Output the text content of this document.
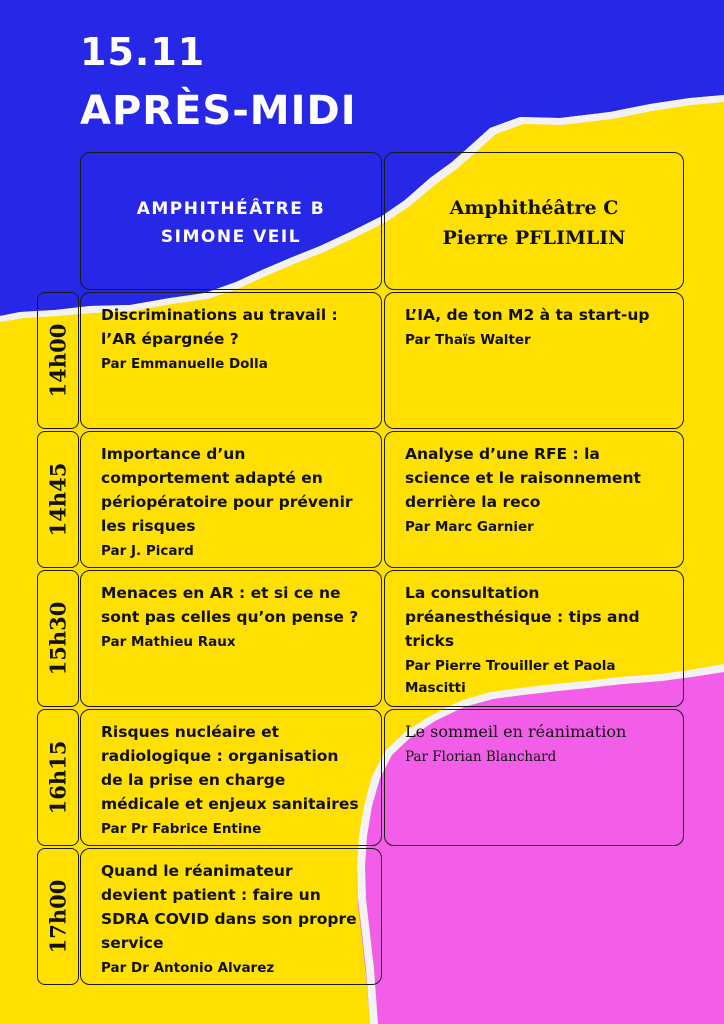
15.11
APRÈS-MIDI
AMPHITHÉÂTRE B
SIMONE VEIL
Amphithéâtre C
Pierre PFLIMLIN
14h00
14h45
15h30
16h15
17h00

Discriminations au travail : l’AR épargnée ?

Par Emmanuelle Dolla

Importance d’un comportement adapté en périopératoire pour prévenir les risques

Par J. Picard

Menaces en AR : et si ce ne sont pas celles qu’on pense ?

Par Mathieu Raux

Risques nucléaire et radiologique : organisation de la prise en charge médicale et enjeux sanitaires

Par Pr Fabrice Entine

Quand le réanimateur devient patient : faire un SDRA COVID dans son propre service

Par Dr Antonio Alvarez

L’IA, de ton M2 à ta start-up

Par Thaïs Walter

Analyse d’une RFE : la science et le raisonnement derrière la reco

Par Marc Garnier

La consultation préanesthésique : tips and tricks

Par Pierre Trouiller et Paola Mascitti

Le sommeil en réanimation

Par Florian Blanchard
